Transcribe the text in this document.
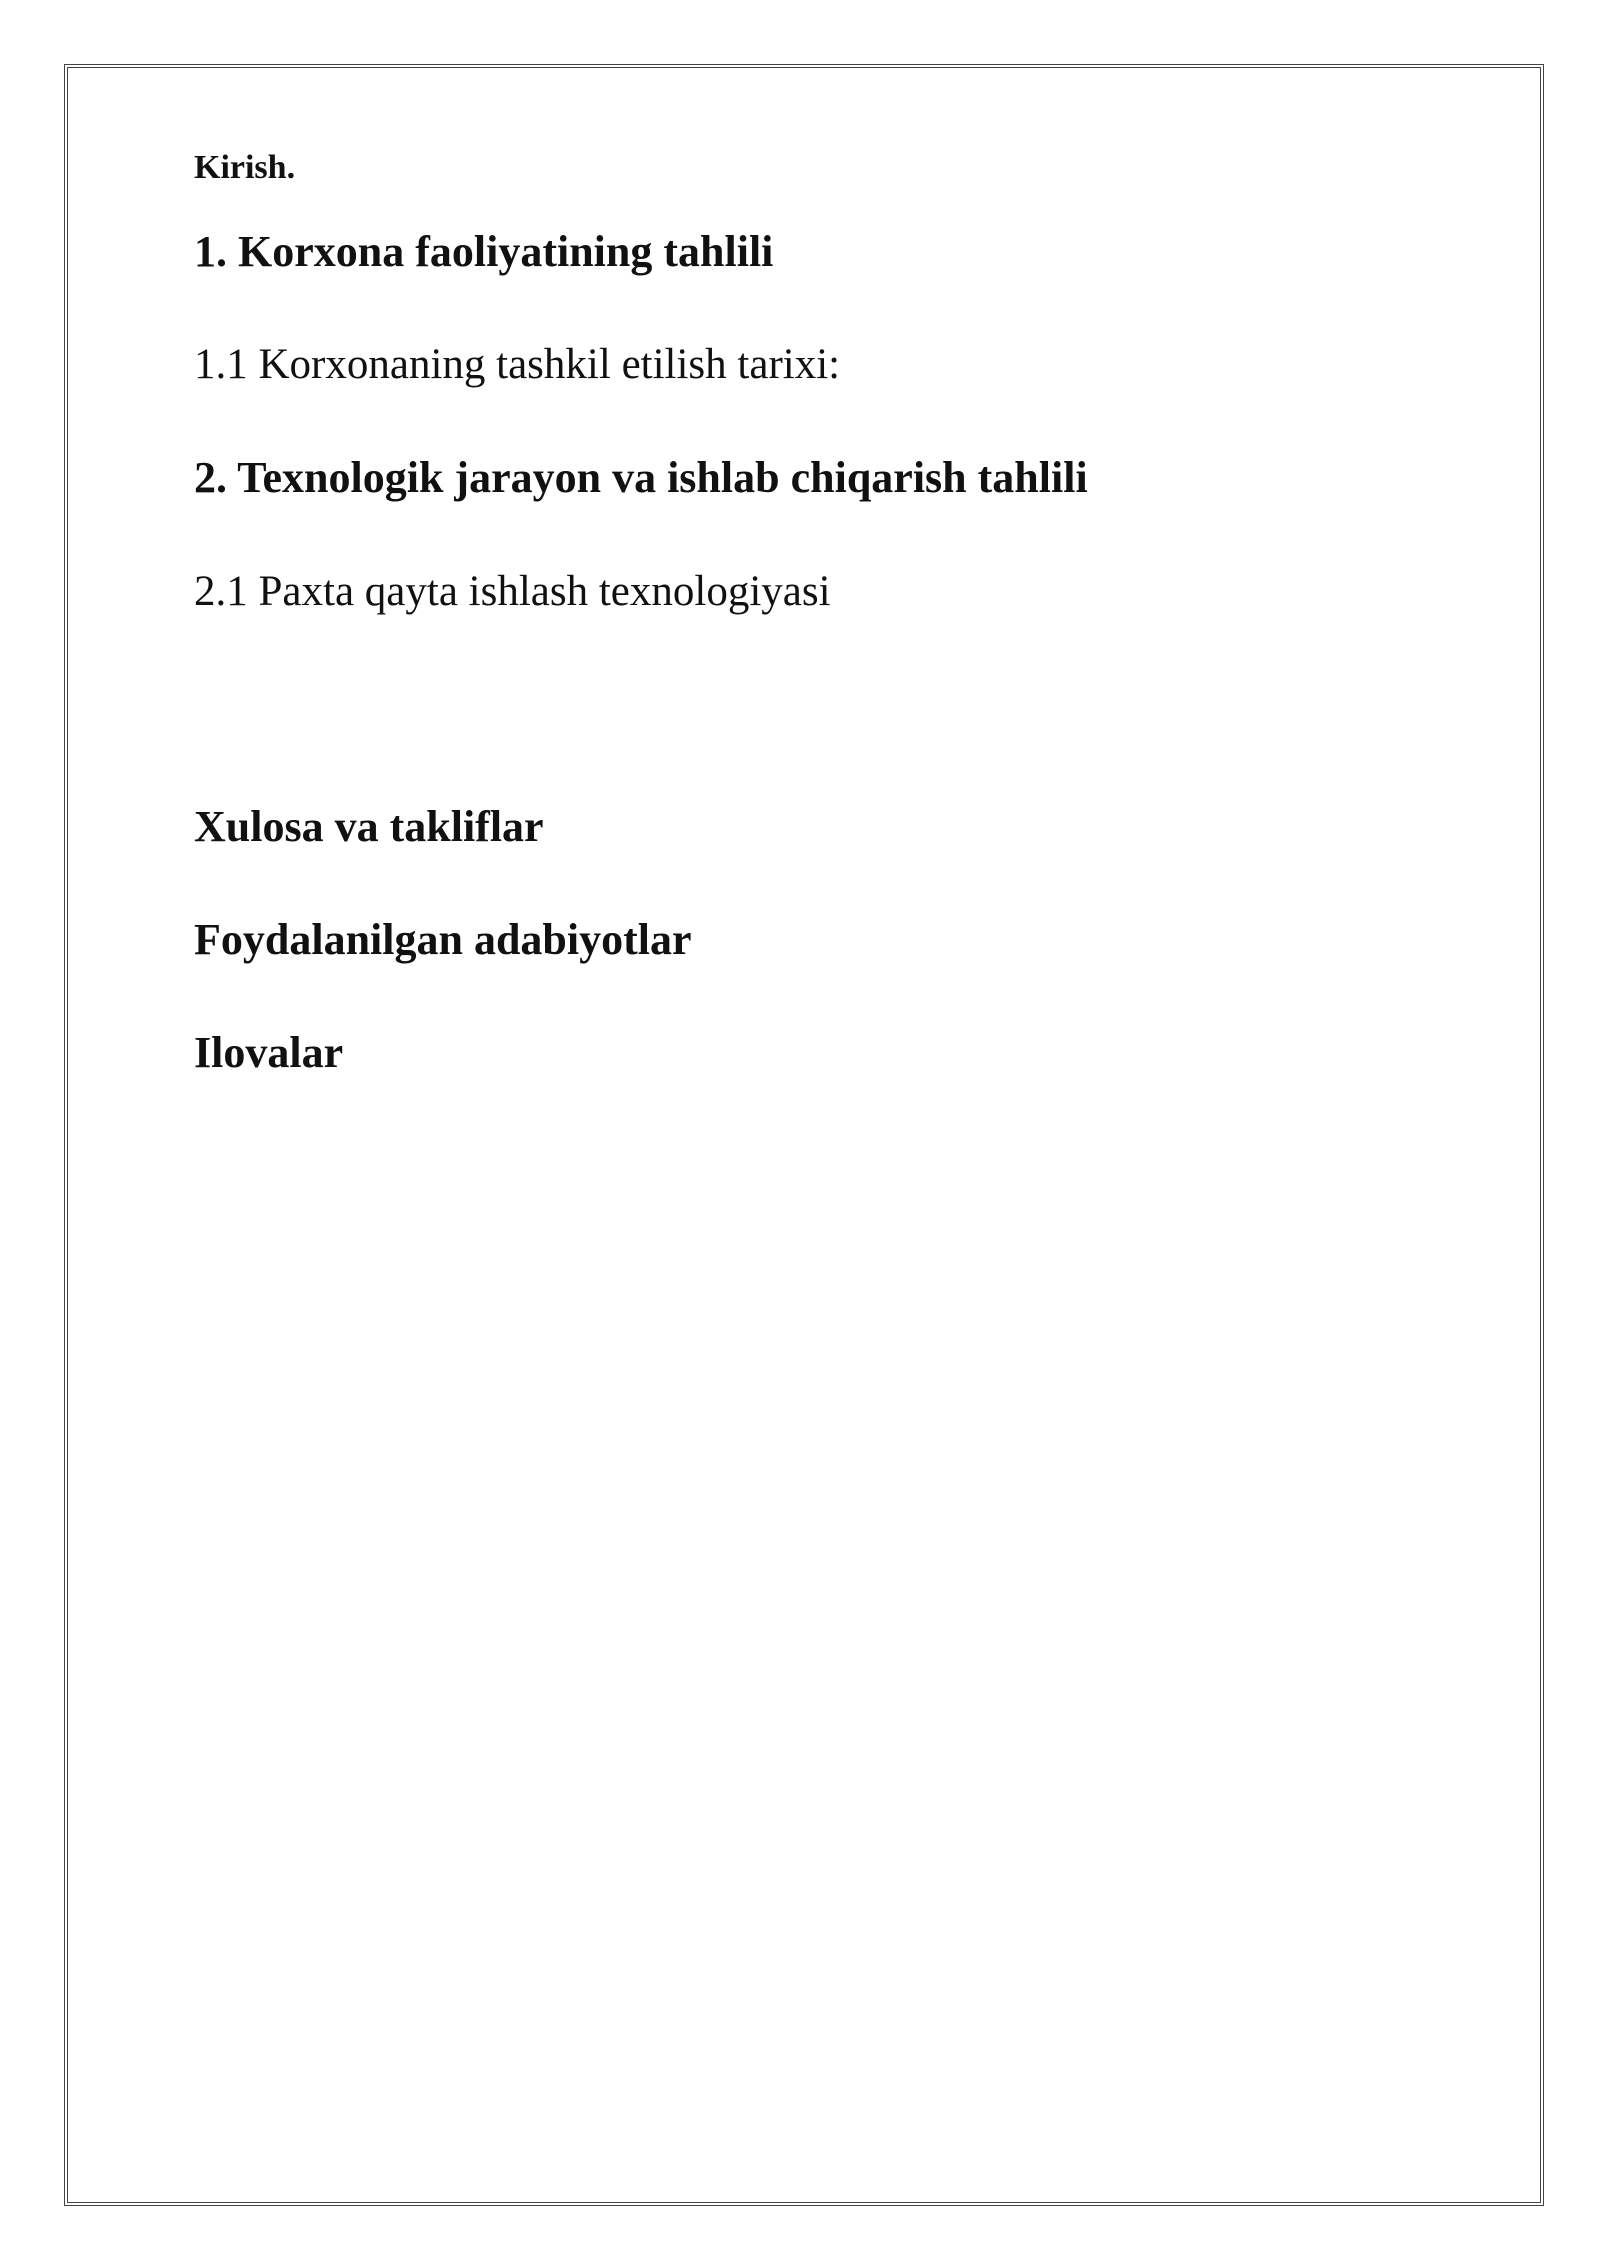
Kirish.
1. Korxona faoliyatining tahlili
1.1 Korxonaning tashkil etilish tarixi:
2. Texnologik jarayon va ishlab chiqarish tahlili
2.1 Paxta qayta ishlash texnologiyasi
Xulosa va takliflar
Foydalanilgan adabiyotlar
Ilovalar
